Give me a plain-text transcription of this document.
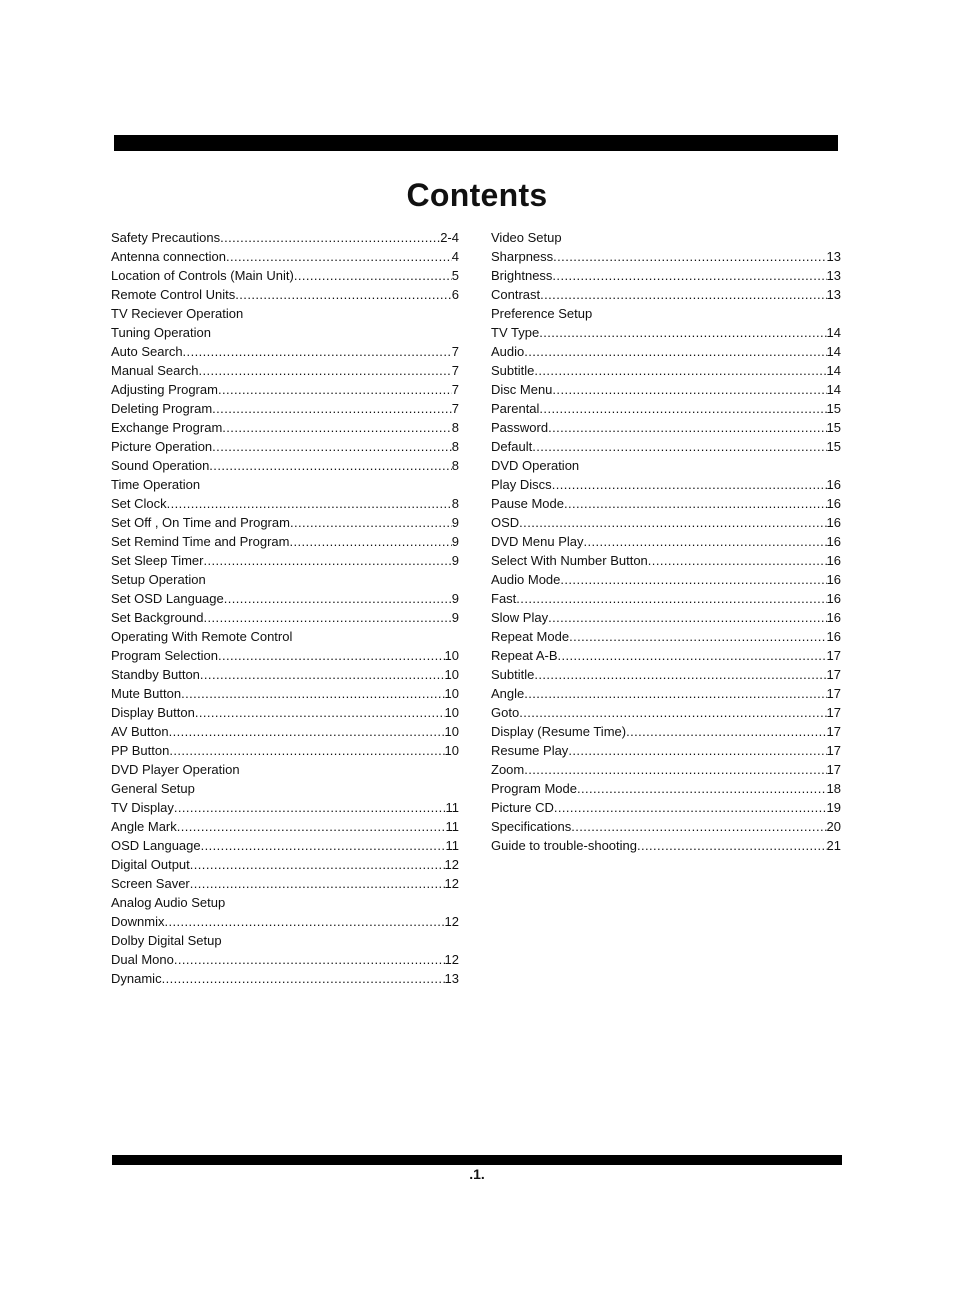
Contents
Safety Precautions .....	2-4
Antenna connection .....	4
Location of Controls (Main Unit) .....	5
Remote Control Units .....	6
TV Reciever Operation
Tuning Operation
Auto Search .....	7
Manual Search .....	7
Adjusting Program .....	7
Deleting Program .....	7
Exchange Program .....	8
Picture Operation .....	8
Sound Operation .....	8
Time Operation
Set Clock .....	8
Set Off , On Time and Program .....	9
Set Remind Time and Program .....	9
Set Sleep Timer .....	9
Setup Operation
Set OSD Language .....	9
Set Background .....	9
Operating With Remote Control
Program Selection .....	10
Standby Button .....	10
Mute Button .....	10
Display Button .....	10
AV Button .....	10
PP Button .....	10
DVD Player Operation
General Setup
TV Display .....	11
Angle Mark .....	11
OSD Language .....	11
Digital Output .....	12
Screen Saver .....	12
Analog Audio Setup
Downmix .....	12
Dolby Digital Setup
Dual Mono .....	12
Dynamic .....	13
Video Setup
Sharpness .....	13
Brightness .....	13
Contrast .....	13
Preference Setup
TV Type .....	14
Audio .....	14
Subtitle .....	14
Disc Menu .....	14
Parental .....	15
Password .....	15
Default .....	15
DVD Operation
Play Discs .....	16
Pause Mode .....	16
OSD .....	16
DVD Menu Play .....	16
Select With Number Button .....	16
Audio Mode .....	16
Fast .....	16
Slow Play .....	16
Repeat Mode .....	16
Repeat A-B .....	17
Subtitle .....	17
Angle .....	17
Goto .....	17
Display (Resume Time) .....	17
Resume Play .....	17
Zoom .....	17
Program Mode .....	18
Picture CD .....	19
Specifications .....	20
Guide to trouble-shooting .....	21
.1.
